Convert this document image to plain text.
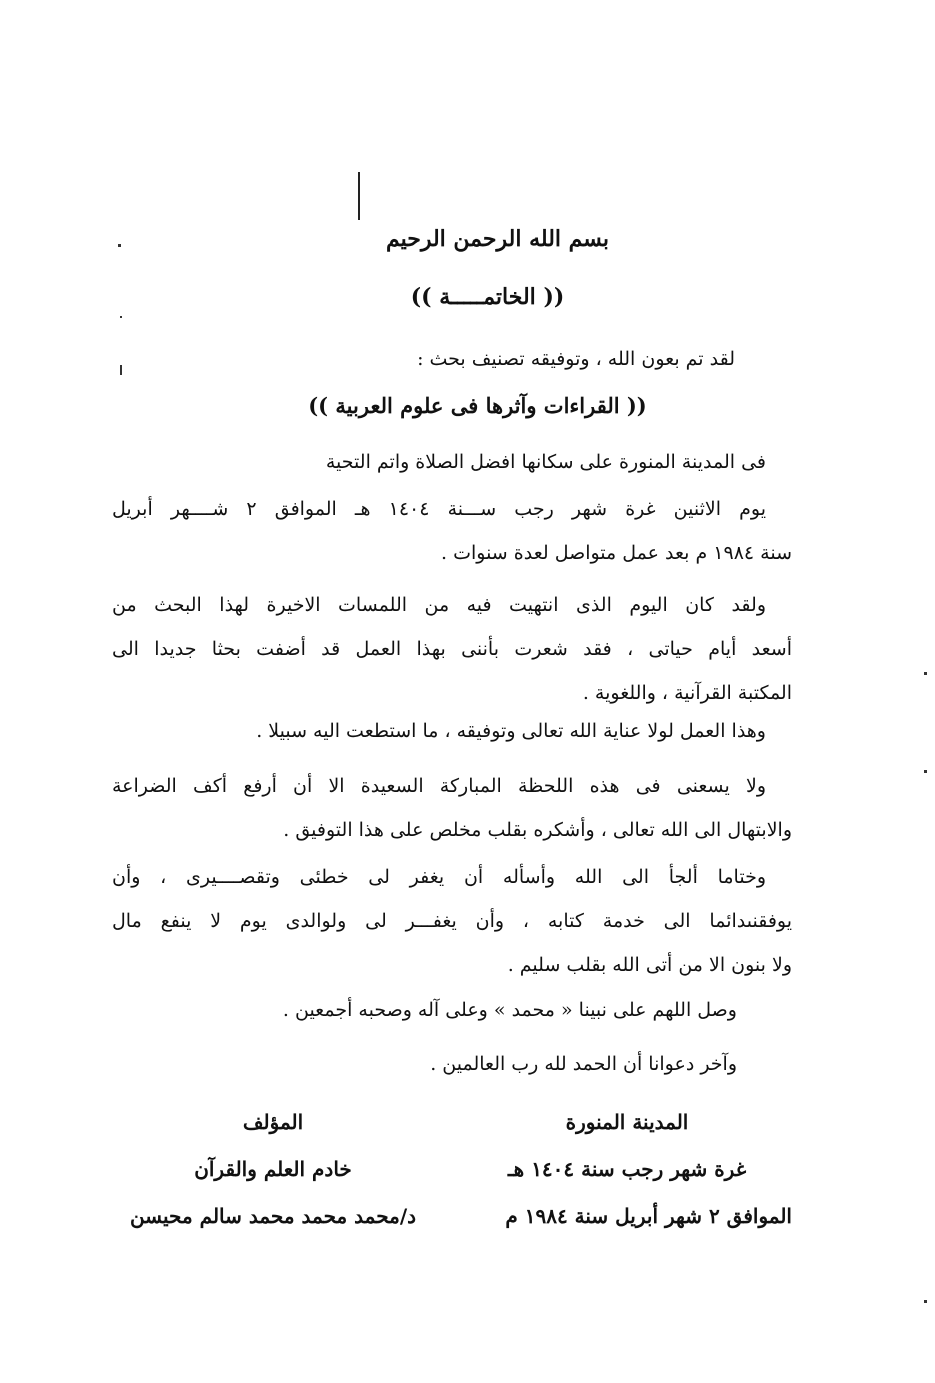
بسم الله الرحمن الرحيم
(( الخاتمـــــة ))
لقد تم بعون الله ، وتوفيقه تصنيف بحث :
(( القراءات وآثرها فى علوم العربية ))
فى المدينة المنورة على سكانها افضل الصلاة واتم التحية
يوم الاثنين غرة شهر رجب ســـنة ١٤٠٤ هـ الموافق ٢ شــــهر أبريل
سنة ١٩٨٤ م بعد عمل متواصل لعدة سنوات .
ولقد كان اليوم الذى انتهيت فيه من اللمسات الاخيرة لهذا البحث من
أسعد أيام حياتى ، فقد شعرت بأننى بهذا العمل قد أضفت بحثا جديدا الى
المكتبة القرآنية ، واللغوية .
وهذا العمل لولا عناية الله تعالى وتوفيقه ، ما استطعت اليه سبيلا .
ولا يسعنى فى هذه اللحظة المباركة السعيدة الا أن أرفع أكف الضراعة
والابتهال الى الله تعالى ، وأشكره بقلب مخلص على هذا التوفيق .
وختاما ألجأ الى الله وأسأله أن يغفر لى خطئى وتقصــــيرى ، وأن
يوفقنىدائما الى خدمة كتابه ، وأن يغفـــر لى ولوالدى يوم لا ينفع مال
ولا بنون الا من أتى الله بقلب سليم .
وصل اللهم على نبينا « محمد » وعلى آله وصحبه أجمعين .
وآخر دعوانا أن الحمد لله رب العالمين .
المدينة المنورة
غرة شهر رجب سنة ١٤٠٤ هـ
الموافق ٢ شهر أبريل سنة ١٩٨٤ م
المؤلف
خادم العلم والقرآن
د/محمد محمد محمد سالم محيسن
